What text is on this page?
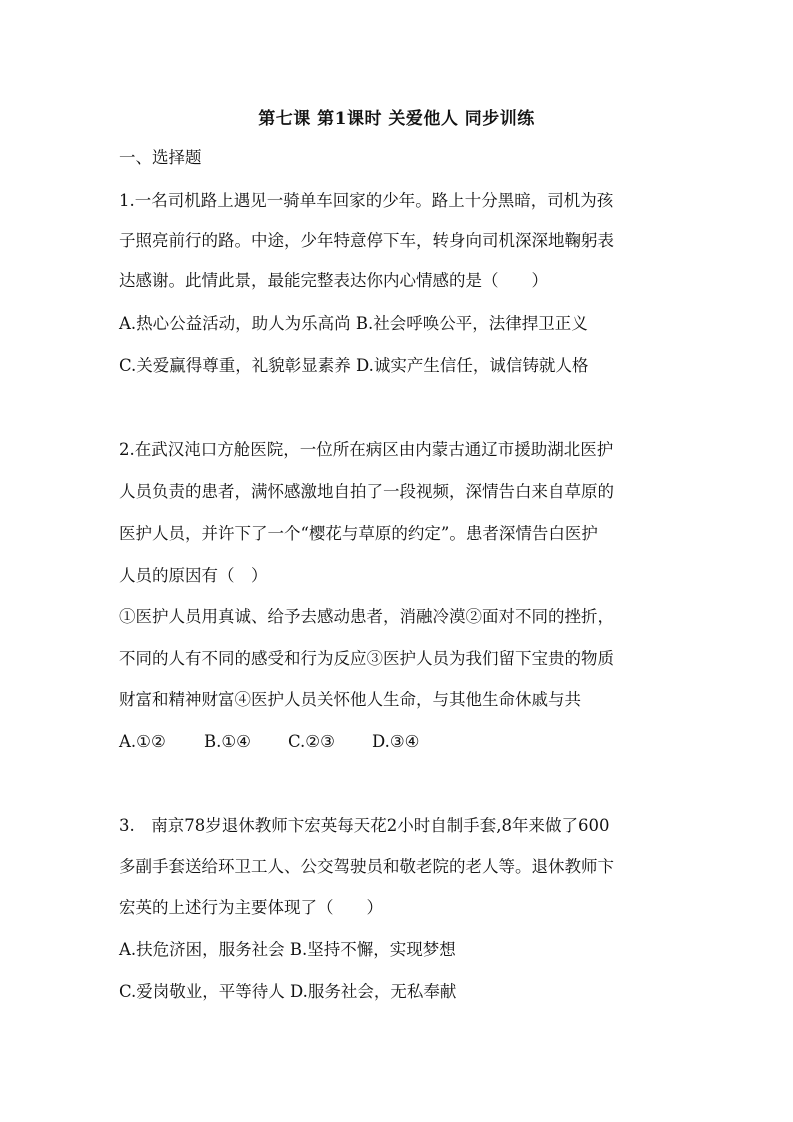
第七课 第1课时 关爱他人 同步训练
一、选择题
1.一名司机路上遇见一骑单车回家的少年。路上十分黑暗，司机为孩
子照亮前行的路。中途，少年特意停下车，转身向司机深深地鞠躬表
达感谢。此情此景，最能完整表达你内心情感的是（　　）
A.热心公益活动，助人为乐高尚 B.社会呼唤公平，法律捍卫正义
C.关爱赢得尊重，礼貌彰显素养 D.诚实产生信任，诚信铸就人格
2.在武汉沌口方舱医院，一位所在病区由内蒙古通辽市援助湖北医护
人员负责的患者，满怀感激地自拍了一段视频，深情告白来自草原的
医护人员，并许下了一个“樱花与草原的约定”。患者深情告白医护
人员的原因有（　）
①医护人员用真诚、给予去感动患者，消融冷漠②面对不同的挫折，
不同的人有不同的感受和行为反应③医护人员为我们留下宝贵的物质
财富和精神财富④医护人员关怀他人生命，与其他生命休戚与共
A.①② B.①④ C.②③ D.③④
3.　南京78岁退休教师卞宏英每天花2小时自制手套,8年来做了600
多副手套送给环卫工人、公交驾驶员和敬老院的老人等。退休教师卞
宏英的上述行为主要体现了（　　）
A.扶危济困，服务社会 B.坚持不懈，实现梦想
C.爱岗敬业，平等待人 D.服务社会，无私奉献
